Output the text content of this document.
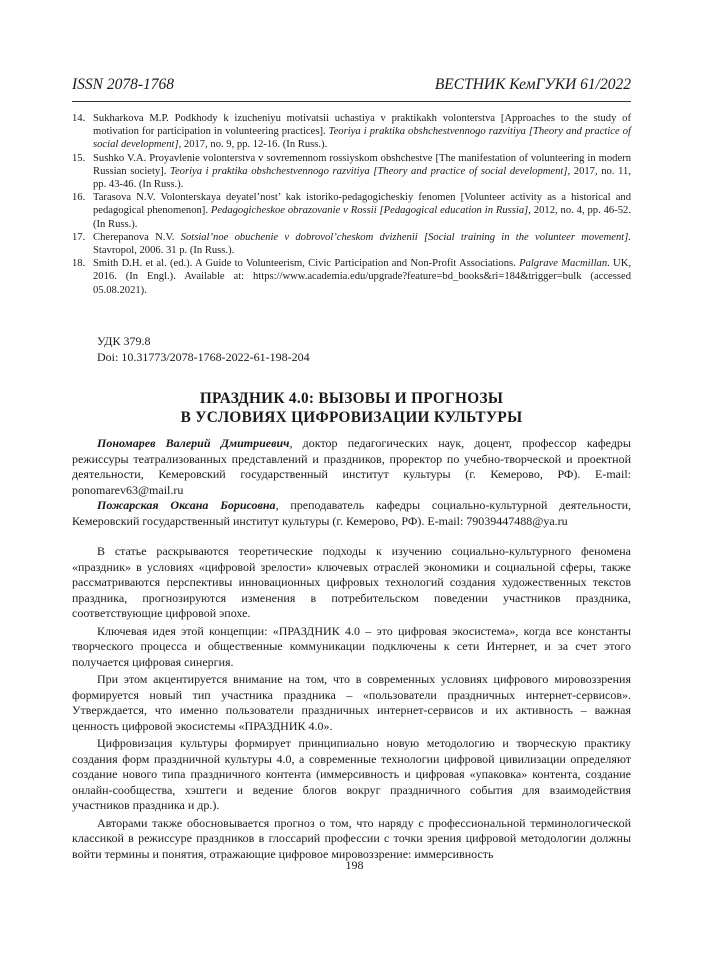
ISSN 2078-1768	ВЕСТНИК КемГУКИ 61/2022
14. Sukharkova M.P. Podkhody k izucheniyu motivatsii uchastiya v praktikakh volonterstva [Approaches to the study of motivation for participation in volunteering practices]. Teoriya i praktika obshchestvennogo razvitiya [Theory and practice of social development], 2017, no. 9, pp. 12-16. (In Russ.).
15. Sushko V.A. Proyavlenie volonterstva v sovremennom rossiyskom obshchestve [The manifestation of volunteering in modern Russian society]. Teoriya i praktika obshchestvennogo razvitiya [Theory and practice of social development], 2017, no. 11, pp. 43-46. (In Russ.).
16. Tarasova N.V. Volonterskaya deyatel’nost’ kak istoriko-pedagogicheskiy fenomen [Volunteer activity as a historical and pedagogical phenomenon]. Pedagogicheskoe obrazovanie v Rossii [Pedagogical education in Russia], 2012, no. 4, pp. 46-52. (In Russ.).
17. Cherepanova N.V. Sotsial’noe obuchenie v dobrovol’cheskom dvizhenii [Social training in the volunteer movement]. Stavropol, 2006. 31 p. (In Russ.).
18. Smith D.H. et al. (ed.). A Guide to Volunteerism, Civic Participation and Non-Profit Associations. Palgrave Macmillan. UK, 2016. (In Engl.). Available at: https://www.academia.edu/upgrade?feature=bd_books&ri=184&trigger=bulk (accessed 05.08.2021).
УДК 379.8
Doi: 10.31773/2078-1768-2022-61-198-204
ПРАЗДНИК 4.0: ВЫЗОВЫ И ПРОГНОЗЫ
В УСЛОВИЯХ ЦИФРОВИЗАЦИИ КУЛЬТУРЫ

Пономарев Валерий Дмитриевич, доктор педагогических наук, доцент, профессор кафедры режиссуры театрализованных представлений и праздников, проректор по учебно-творческой и проектной деятельности, Кемеровский государственный институт культуры (г. Кемерово, РФ). E-mail: ponomarev63@mail.ru

Пожарская Оксана Борисовна, преподаватель кафедры социально-культурной деятельности, Кемеровский государственный институт культуры (г. Кемерово, РФ). E-mail: 79039447488@ya.ru

В статье раскрываются теоретические подходы к изучению социально-культурного феномена «праздник» в условиях «цифровой зрелости» ключевых отраслей экономики и социальной сферы, также рассматриваются перспективы инновационных цифровых технологий создания художественных текстов праздника, прогнозируются изменения в потребительском поведении участников праздника, соответствующие цифровой эпохе.

Ключевая идея этой концепции: «ПРАЗДНИК 4.0 – это цифровая экосистема», когда все константы творческого процесса и общественные коммуникации подключены к сети Интернет, и за счет этого получается цифровая синергия.

При этом акцентируется внимание на том, что в современных условиях цифрового мировоззрения формируется новый тип участника праздника – «пользователи праздничных интернет-сервисов». Утверждается, что именно пользователи праздничных интернет-сервисов и их активность – важная ценность цифровой экосистемы «ПРАЗДНИК 4.0».

Цифровизация культуры формирует принципиально новую методологию и творческую практику создания форм праздничной культуры 4.0, а современные технологии цифровой цивилизации определяют создание нового типа праздничного контента (иммерсивность и цифровая «упаковка» контента, создание онлайн-сообщества, хэштеги и ведение блогов вокруг праздничного события для взаимодействия участников праздника и др.).

Авторами также обосновывается прогноз о том, что наряду с профессиональной терминологической классикой в режиссуре праздников в глоссарий профессии с точки зрения цифровой методологии должны войти термины и понятия, отражающие цифровое мировоззрение: иммерсивность

198
